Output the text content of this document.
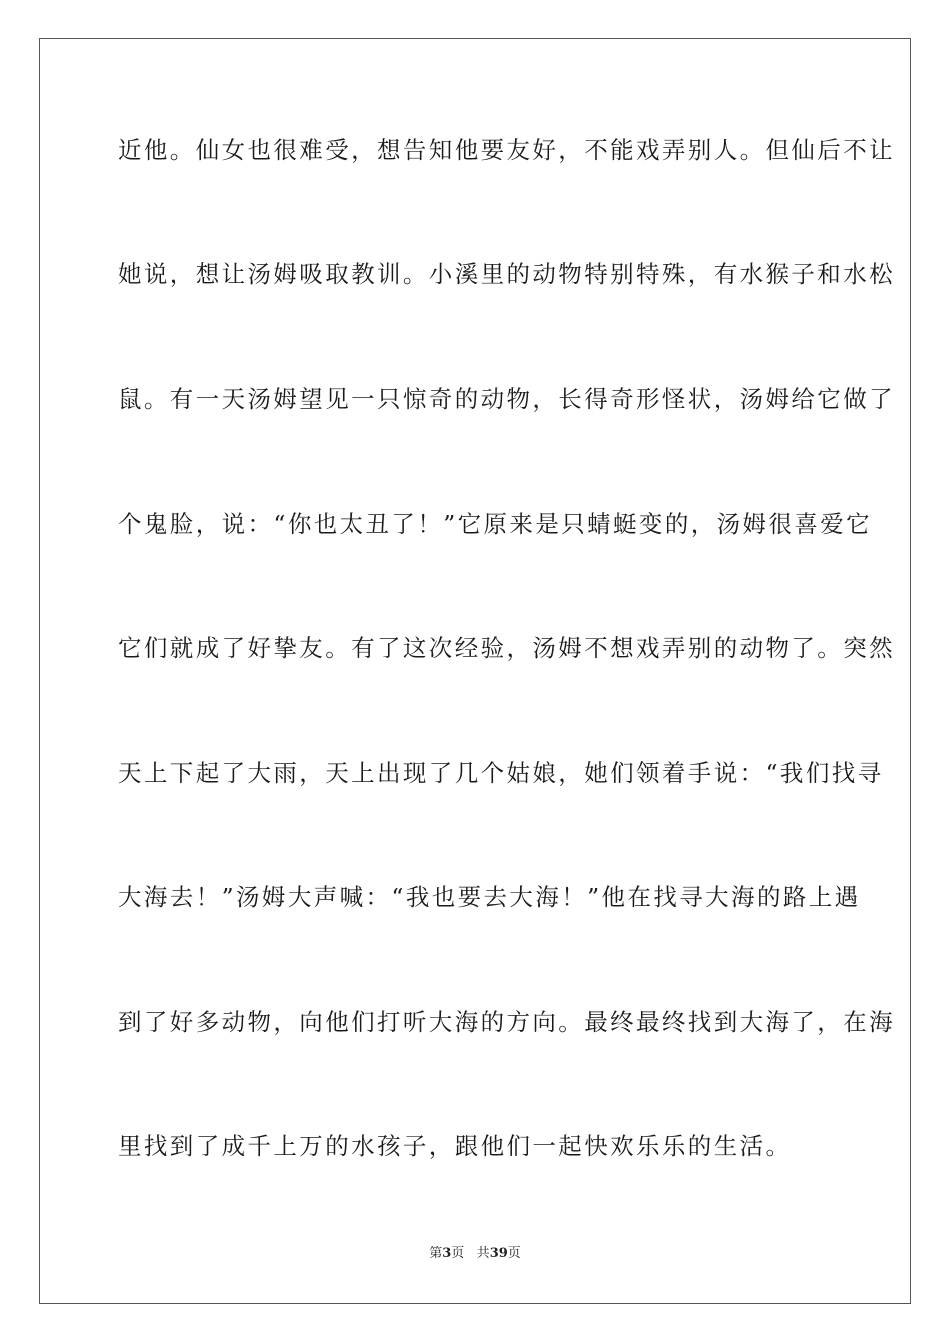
近他。仙女也很难受，想告知他要友好，不能戏弄别人。但仙后不让

她说，想让汤姆吸取教训。小溪里的动物特别特殊，有水猴子和水松

鼠。有一天汤姆望见一只惊奇的动物，长得奇形怪状，汤姆给它做了

个鬼脸，说：“你也太丑了！”它原来是只蜻蜓变的，汤姆很喜爱它

它们就成了好挚友。有了这次经验，汤姆不想戏弄别的动物了。突然

天上下起了大雨，天上出现了几个姑娘，她们领着手说：“我们找寻

大海去！”汤姆大声喊：“我也要去大海！”他在找寻大海的路上遇

到了好多动物，向他们打听大海的方向。最终最终找到大海了，在海

里找到了成千上万的水孩子，跟他们一起快欢乐乐的生活。

第3页 共39页
